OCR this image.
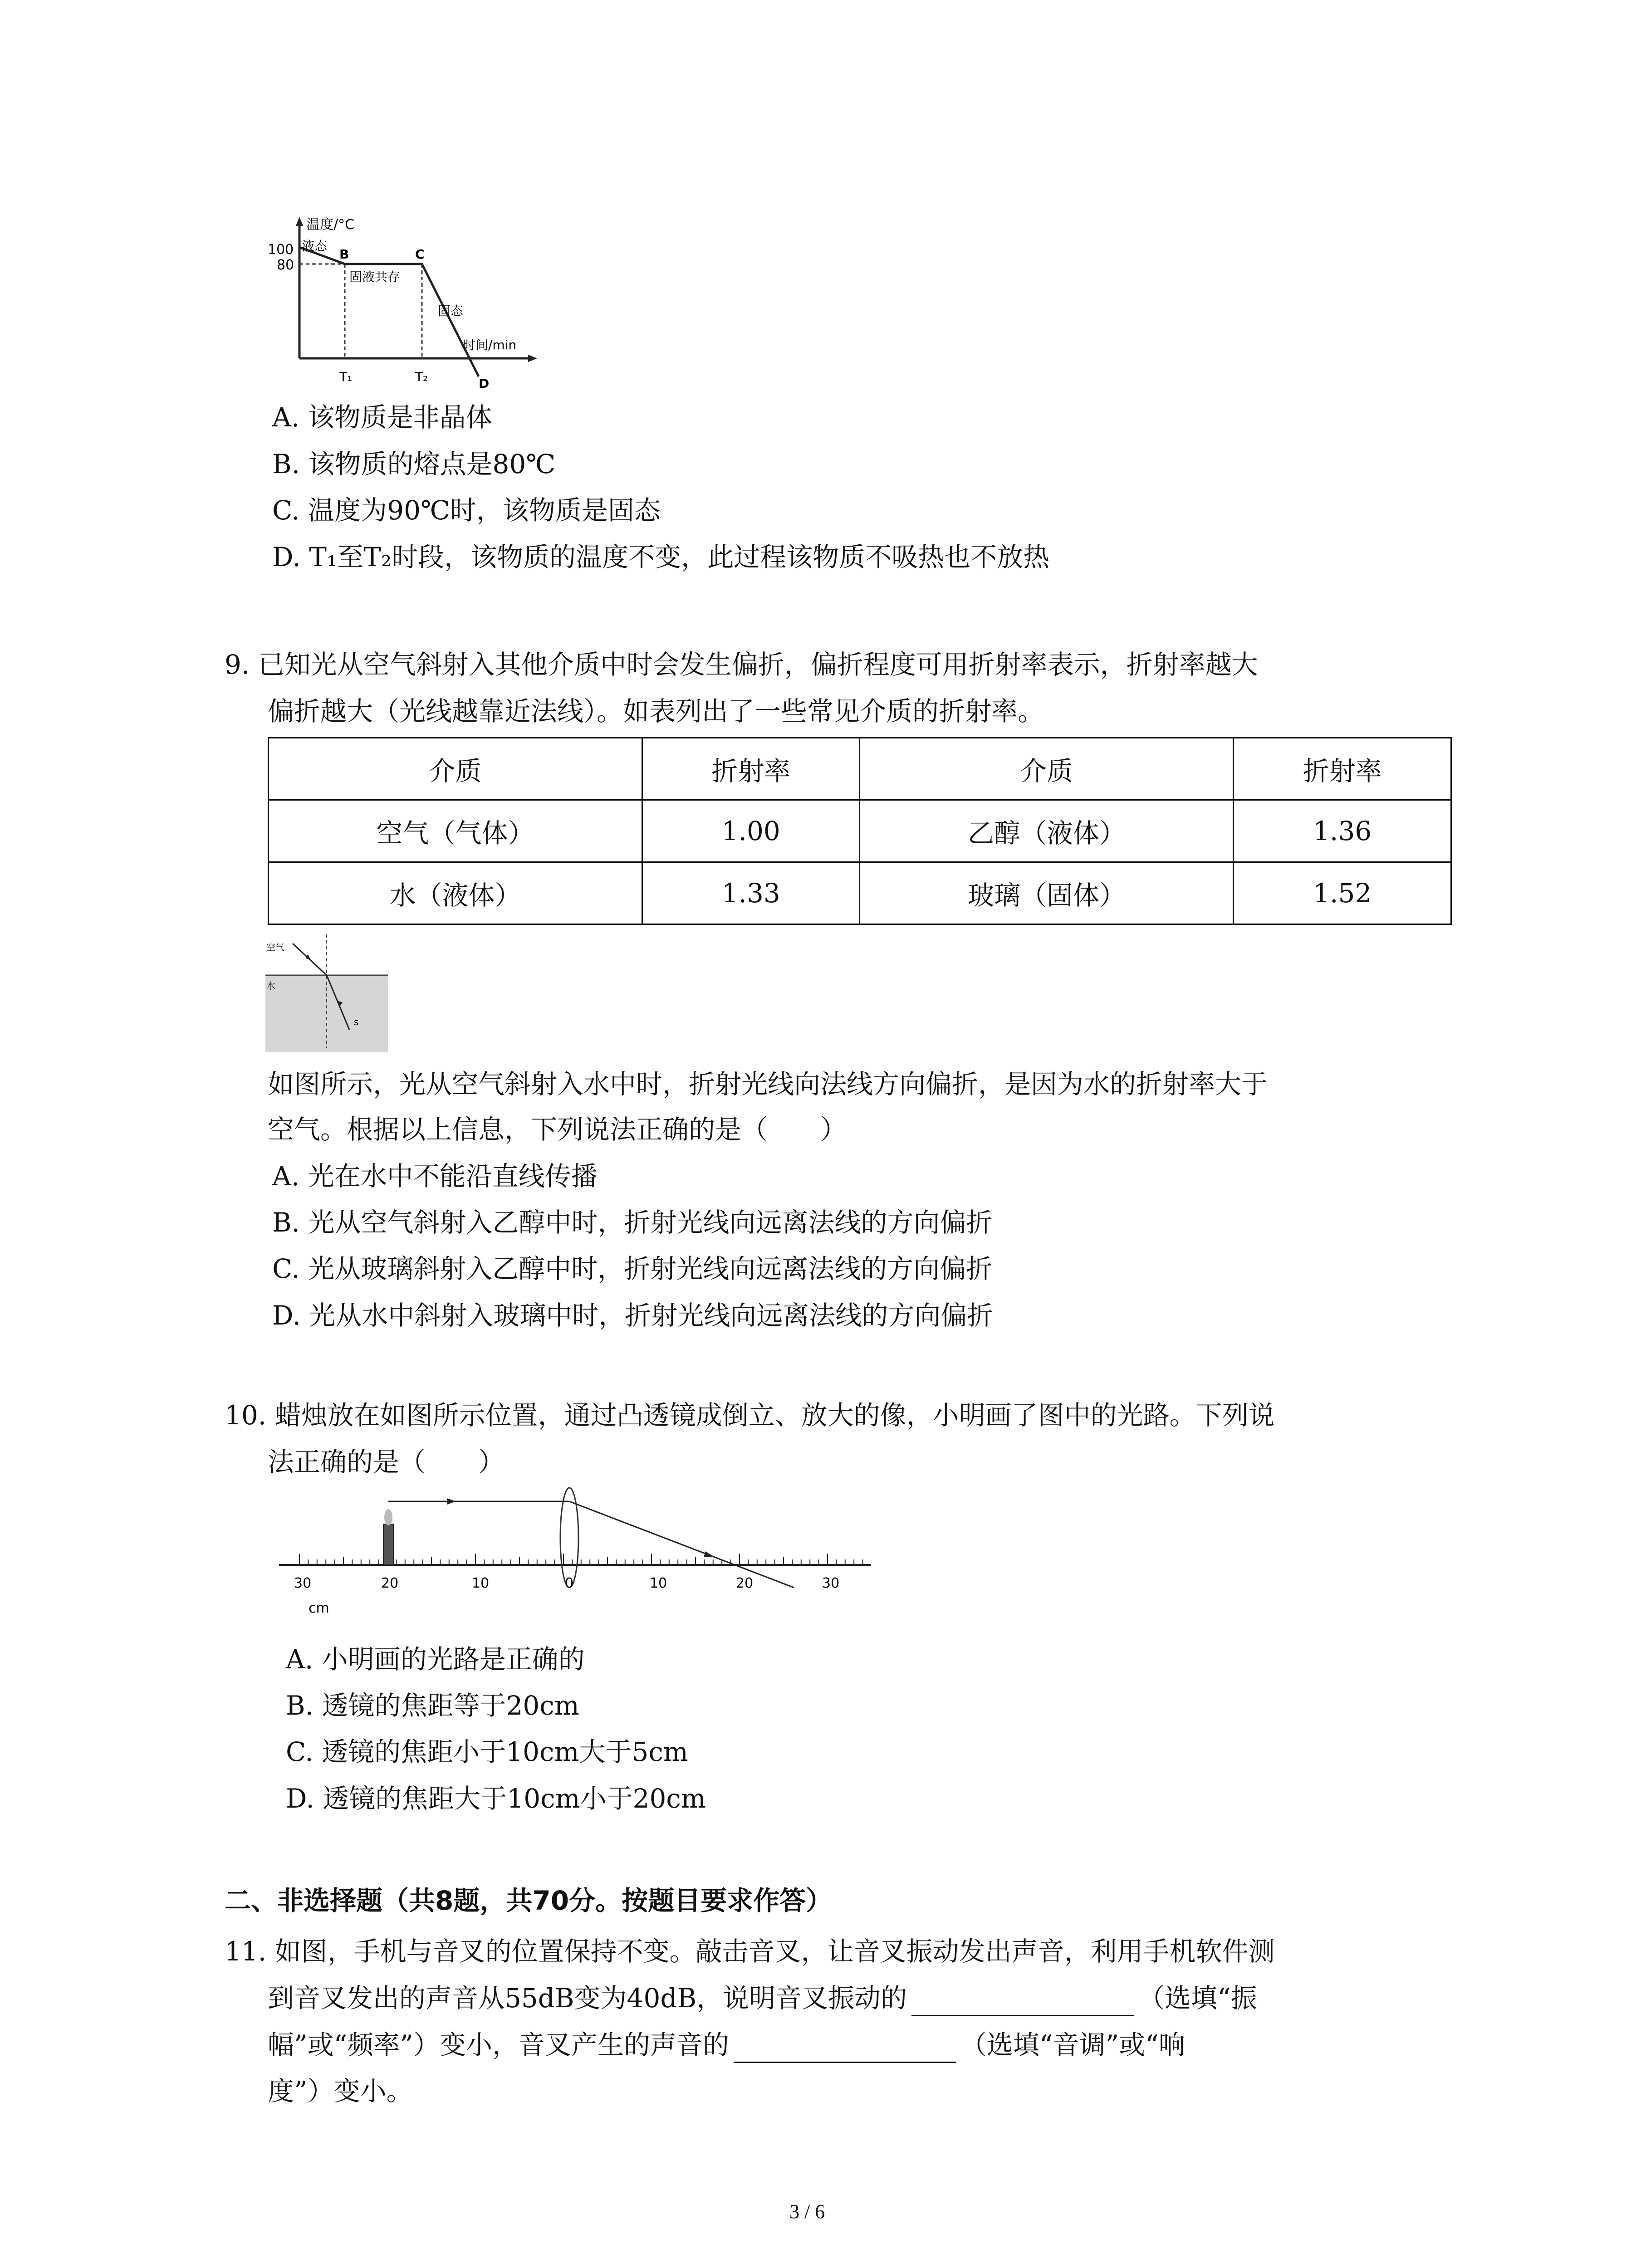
温度/°C
100
80
液态
B	C
固液共存
固态
时间/min
T₁	T₂	D
A. 该物质是非晶体
B. 该物质的熔点是80℃
C. 温度为90℃时，该物质是固态
D. T₁至T₂时段，该物质的温度不变，此过程该物质不吸热也不放热
9. 已知光从空气斜射入其他介质中时会发生偏折，偏折程度可用折射率表示，折射率越大
偏折越大（光线越靠近法线）。如表列出了一些常见介质的折射率。
介质	折射率	介质	折射率
空气（气体）	1.00	乙醇（液体）	1.36
水（液体）	1.33	玻璃（固体）	1.52
空气
水
s
如图所示，光从空气斜射入水中时，折射光线向法线方向偏折，是因为水的折射率大于
空气。根据以上信息，下列说法正确的是（　　）
A. 光在水中不能沿直线传播
B. 光从空气斜射入乙醇中时，折射光线向远离法线的方向偏折
C. 光从玻璃斜射入乙醇中时，折射光线向远离法线的方向偏折
D. 光从水中斜射入玻璃中时，折射光线向远离法线的方向偏折
10. 蜡烛放在如图所示位置，通过凸透镜成倒立、放大的像，小明画了图中的光路。下列说
法正确的是（　　）
30	20	10	0	10	20	30
cm
A. 小明画的光路是正确的
B. 透镜的焦距等于20cm
C. 透镜的焦距小于10cm大于5cm
D. 透镜的焦距大于10cm小于20cm
二、非选择题（共8题，共70分。按题目要求作答）
11. 如图，手机与音叉的位置保持不变。敲击音叉，让音叉振动发出声音，利用手机软件测
到音叉发出的声音从55dB变为40dB，说明音叉振动的	（选填“振
幅”或“频率”）变小，音叉产生的声音的	（选填“音调”或“响
度”）变小。
3 / 6
